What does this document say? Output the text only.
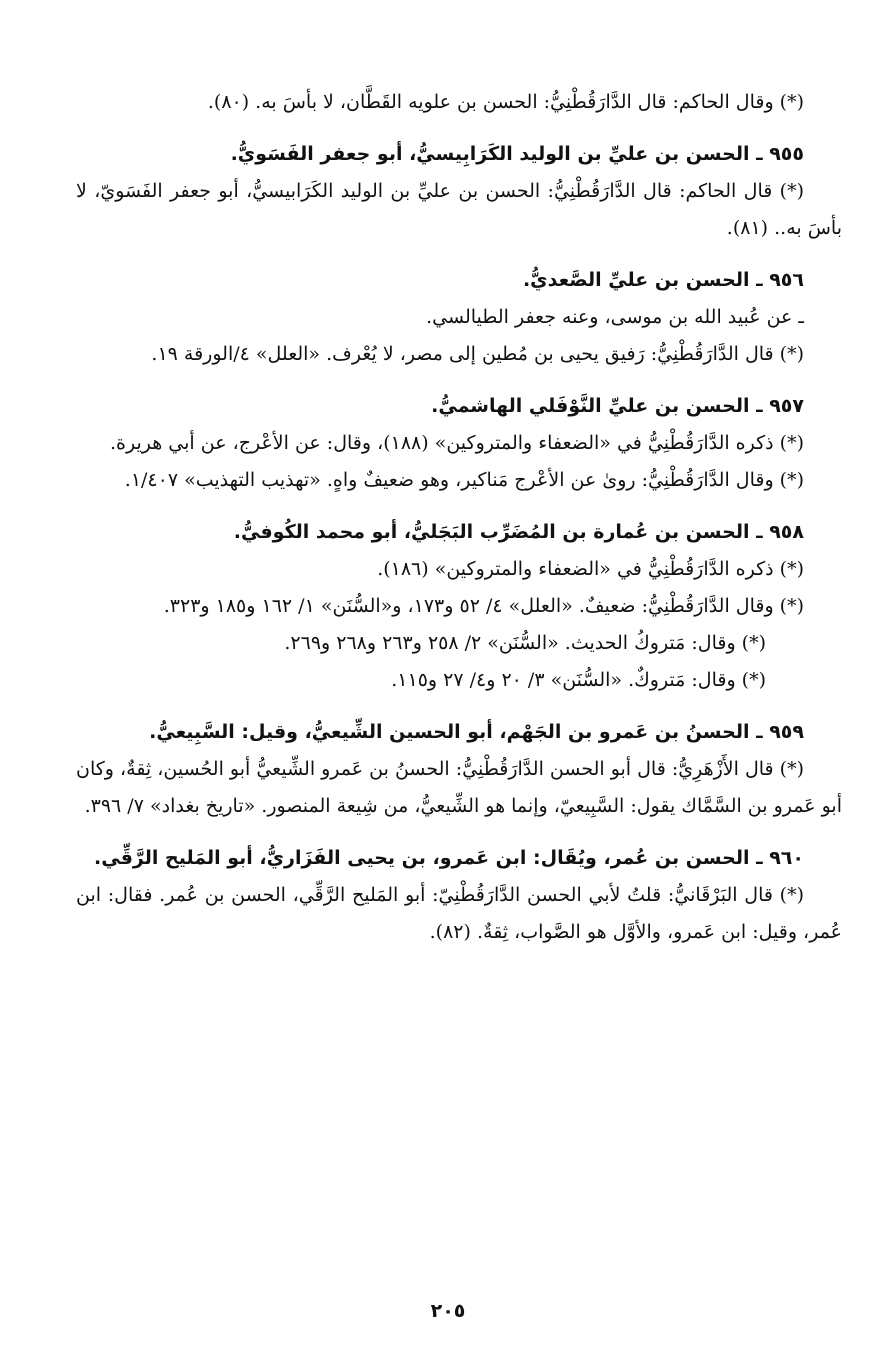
(*) وقال الحاكم: قال الدَّارَقُطْنِيُّ: الحسن بن علويه القَطَّان، لا بأسَ به. (٨٠).

٩٥٥ ـ الحسن بن عليِّ بن الوليد الكَرَابِيسيُّ، أبو جعفر الفَسَويُّ.

(*) قال الحاكم: قال الدَّارَقُطْنِيُّ: الحسن بن عليِّ بن الوليد الكَرَابيسيُّ، أبو جعفر الفَسَويّ، لا بأسَ به.. (٨١).

٩٥٦ ـ الحسن بن عليِّ الصَّعديُّ.

ـ عن عُبيد الله بن موسى، وعنه جعفر الطيالسي.

(*) قال الدَّارَقُطْنِيُّ: رَفيق يحيى بن مُطين إلى مصر، لا يُعْرف. «العلل» ٤/الورقة ١٩.

٩٥٧ ـ الحسن بن عليِّ النَّوْفَلي الهاشميُّ.

(*) ذكره الدَّارَقُطْنِيُّ في «الضعفاء والمتروكين» (١٨٨)، وقال: عن الأعْرج، عن أبي هريرة.

(*) وقال الدَّارَقُطْنِيُّ: روىٰ عن الأعْرج مَناكير، وهو ضعيفٌ واهٍ. «تهذيب التهذيب» ١/٤٠٧.

٩٥٨ ـ الحسن بن عُمارة بن المُضَرِّب البَجَليُّ، أبو محمد الكُوفيُّ.

(*) ذكره الدَّارَقُطْنِيُّ في «الضعفاء والمتروكين» (١٨٦).

(*) وقال الدَّارَقُطْنِيُّ: ضعيفٌ. «العلل» ٤/ ٥٢ و١٧٣، و«السُّنَن» ١/ ١٦٢ و١٨٥ و٣٢٣.

(*) وقال: مَتروكُ الحديث. «السُّنَن» ٢/ ٢٥٨ و٢٦٣ و٢٦٨ و٢٦٩.

(*) وقال: مَتروكٌ. «السُّنَن» ٣/ ٢٠ و٤/ ٢٧ و١١٥.

٩٥٩ ـ الحسنُ بن عَمرو بن الجَهْم، أبو الحسين الشِّيعيُّ، وقيل: السَّبِيعيُّ.

(*) قال الأَزْهَرِيُّ: قال أبو الحسن الدَّارَقُطْنِيُّ: الحسنُ بن عَمرو الشِّيعيُّ أبو الحُسين، ثِقةٌ، وكان أبو عَمرو بن السَّمَّاك يقول: السَّبِيعيّ، وإنما هو الشِّيعيُّ، من شِيعة المنصور. «تاريخ بغداد» ٧/ ٣٩٦.

٩٦٠ ـ الحسن بن عُمر، ويُقَال: ابن عَمرو، بن يحيى الفَزَاريُّ، أبو المَليح الرَّقِّي.

(*) قال البَرْقَانيُّ: قلتُ لأبي الحسن الدَّارَقُطْنِيّ: أبو المَليح الرَّقِّي، الحسن بن عُمر. فقال: ابن عُمر، وقيل: ابن عَمرو، والأوَّل هو الصَّواب، ثِقةٌ. (٨٢).

٢٠٥
